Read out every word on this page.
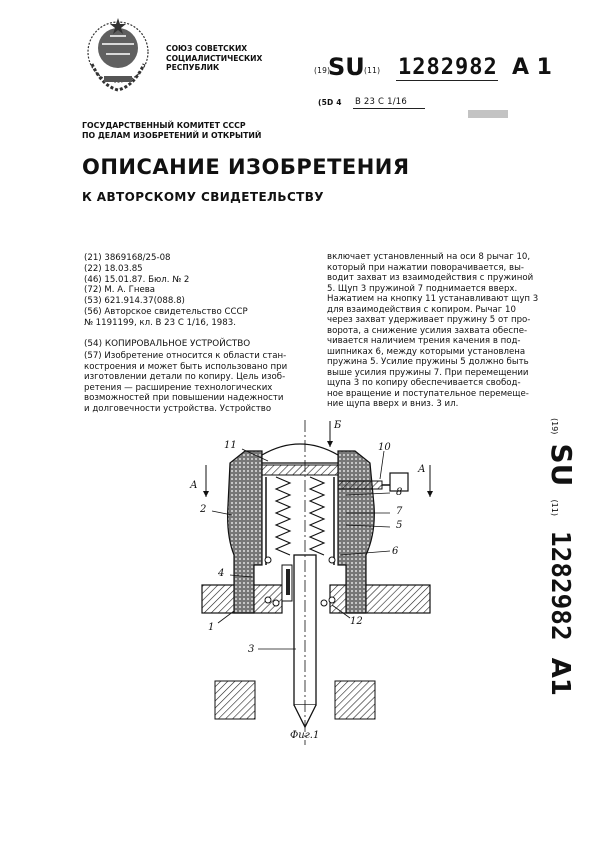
СОЮЗ СОВЕТСКИХ
СОЦИАЛИСТИЧЕСКИХ
РЕСПУБЛИК	(19)
SU (11) 1282982 A 1
(5D 4 B 23 C 1/16
ГОСУДАРСТВЕННЫЙ КОМИТЕТ СССР
ПО ДЕЛАМ ИЗОБРЕТЕНИЙ И ОТКРЫТИЙ
ОПИСАНИЕ ИЗОБРЕТЕНИЯ
К АВТОРСКОМУ СВИДЕТЕЛЬСТВУ
(21) 3869168/25-08
(22) 18.03.85
(46) 15.01.87. Бюл. № 2
(72) М. А. Гнева
(53) 621.914.37(088.8)
(56) Авторское свидетельство СССР
№ 1191199, кл. В 23 С 1/16, 1983.
(54) КОПИРОВАЛЬНОЕ УСТРОЙСТВО
(57) Изобретение относится к области стан-
костроения и может быть использовано при
изготовлении детали по копиру. Цель изоб-
ретения — расширение технологических
возможностей при повышении надежности
и долговечности устройства. Устройство
включает установленный на оси 8 рычаг 10,
который при нажатии поворачивается, вы-
водит захват из взаимодействия с пружиной
5. Щуп 3 пружиной 7 поднимается вверх.
Нажатием на кнопку 11 устанавливают щуп 3
для взаимодействия с копиром. Рычаг 10
через захват удерживает пружину 5 от про-
ворота, а снижение усилия захвата обеспе-
чивается наличием трения качения в под-
шипниках 6, между которыми установлена
пружина 5. Усилие пружины 5 должно быть
выше усилия пружины 7. При перемещении
щупа 3 по копиру обеспечивается свобод-
ное вращение и поступательное перемеще-
ние щупа вверх и вниз. 3 ил.
11
Б
10
А
А
8
2	7
5
6
4
1
12
3
Фиг.1
(19) SU (11) 1282982 A1
